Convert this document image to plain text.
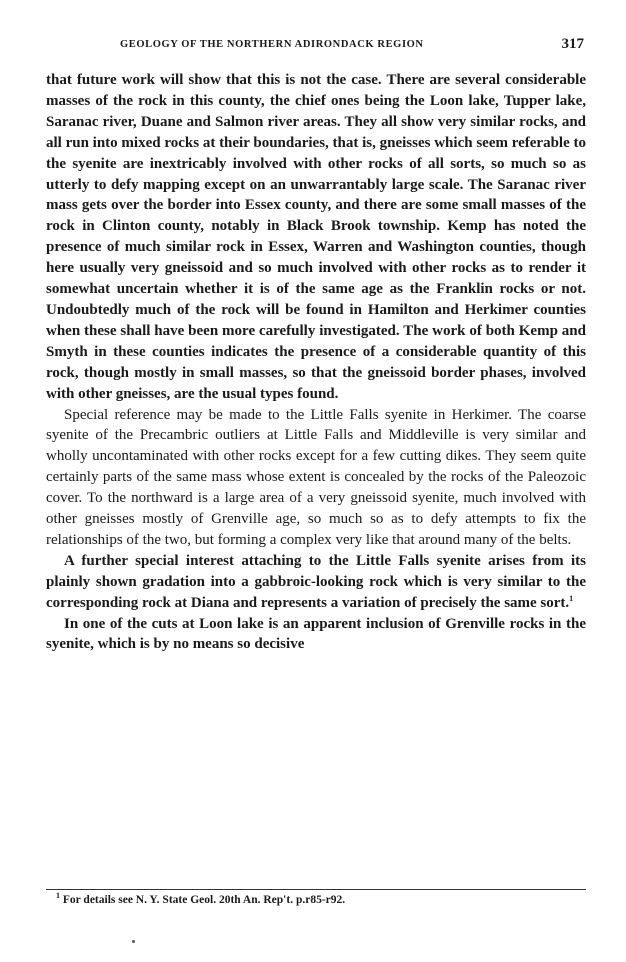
GEOLOGY OF THE NORTHERN ADIRONDACK REGION	317

that future work will show that this is not the case. There are several considerable masses of the rock in this county, the chief ones being the Loon lake, Tupper lake, Saranac river, Duane and Salmon river areas. They all show very similar rocks, and all run into mixed rocks at their boundaries, that is, gneisses which seem referable to the syenite are inextricably involved with other rocks of all sorts, so much so as utterly to defy mapping except on an unwarrantably large scale. The Saranac river mass gets over the border into Essex county, and there are some small masses of the rock in Clinton county, notably in Black Brook township. Kemp has noted the presence of much similar rock in Essex, Warren and Washington counties, though here usually very gneissoid and so much involved with other rocks as to render it somewhat uncertain whether it is of the same age as the Franklin rocks or not. Undoubtedly much of the rock will be found in Hamilton and Herkimer counties when these shall have been more carefully investigated. The work of both Kemp and Smyth in these counties indicates the presence of a considerable quantity of this rock, though mostly in small masses, so that the gneissoid border phases, involved with other gneisses, are the usual types found.

Special reference may be made to the Little Falls syenite in Herkimer. The coarse syenite of the Precambric outliers at Little Falls and Middleville is very similar and wholly uncontaminated with other rocks except for a few cutting dikes. They seem quite certainly parts of the same mass whose extent is concealed by the rocks of the Paleozoic cover. To the northward is a large area of a very gneissoid syenite, much involved with other gneisses mostly of Grenville age, so much so as to defy attempts to fix the relationships of the two, but forming a complex very like that around many of the belts.

A further special interest attaching to the Little Falls syenite arises from its plainly shown gradation into a gabbroic-looking rock which is very similar to the corresponding rock at Diana and represents a variation of precisely the same sort.$^1$

In one of the cuts at Loon lake is an apparent inclusion of Grenville rocks in the syenite, which is by no means so decisive

$^1$ For details see N. Y. State Geol. 20th An. Rep't. p.r85-r92.
